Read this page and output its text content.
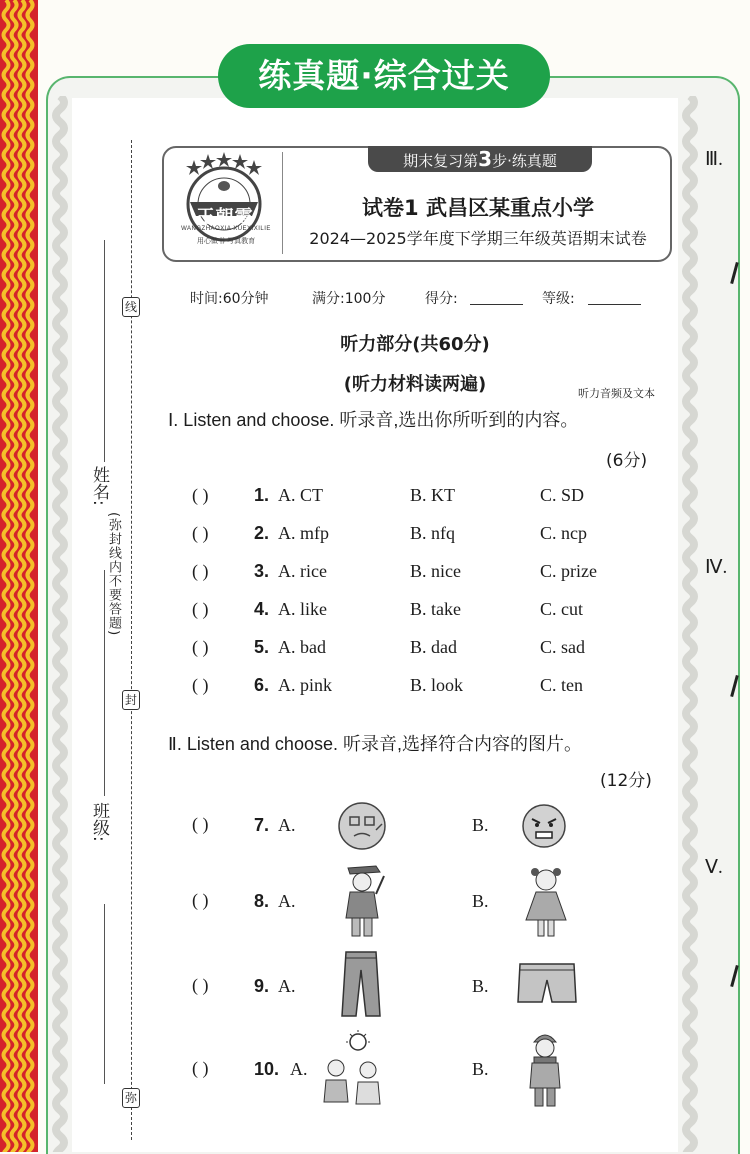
练真题·综合过关
线
封
弥
(弥封线内不要答题)
姓名:
班级:
Ⅲ.
Ⅳ.
Ⅴ.
期末复习第3步·练真题
王朝霞
WANGZHAOXIA XUEXIXILIE
用心做书 写真教育
试卷1 武昌区某重点小学
2024—2025学年度下学期三年级英语期末试卷
时间:60分钟	满分:100分	得分:	等级:
听力部分(共60分)
(听力材料读两遍)	听力音频及文本
Ⅰ. Listen and choose. 听录音,选出你所听到的内容。
(6分)
( )	1. A. CT	B. KT	C. SD
( )	2. A. mfp	B. nfq	C. ncp
( )	3. A. rice	B. nice	C. prize
( )	4. A. like	B. take	C. cut
( )	5. A. bad	B. dad	C. sad
( )	6. A. pink	B. look	C. ten
Ⅱ. Listen and choose. 听录音,选择符合内容的图片。
(12分)
( )	7. A.	B.
( )	8. A.	B.
( )	9. A.	B.
( )	10. A.	B.
